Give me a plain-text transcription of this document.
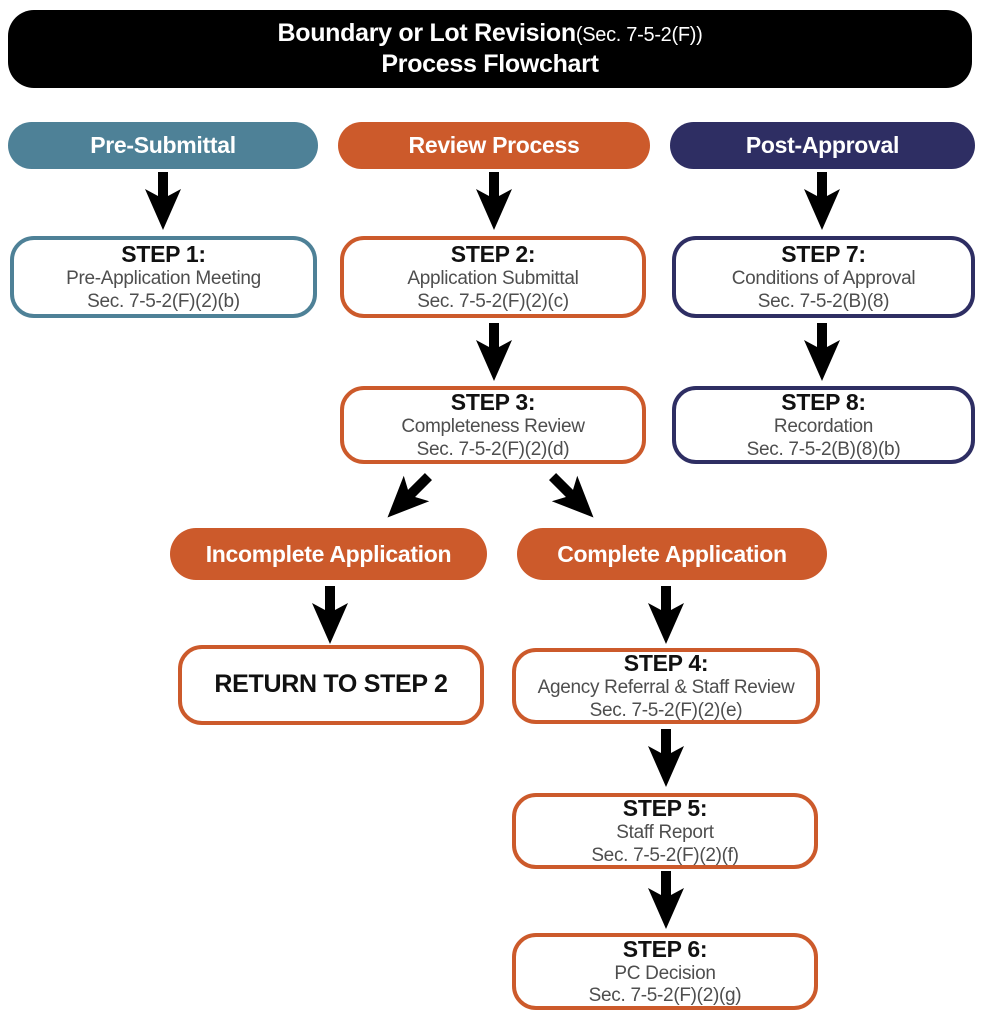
Boundary or Lot Revision(Sec. 7-5-2(F))
Process Flowchart
Pre-Submittal	Review Process	Post-Approval
STEP 1:
Pre-Application Meeting
Sec. 7-5-2(F)(2)(b)
STEP 2:
Application Submittal
Sec. 7-5-2(F)(2)(c)
STEP 7:
Conditions of Approval
Sec. 7-5-2(B)(8)
STEP 3:
Completeness Review
Sec. 7-5-2(F)(2)(d)
STEP 8:
Recordation
Sec. 7-5-2(B)(8)(b)
Incomplete Application	Complete Application
RETURN TO STEP 2
STEP 4:
Agency Referral & Staff Review
Sec. 7-5-2(F)(2)(e)
STEP 5:
Staff Report
Sec. 7-5-2(F)(2)(f)
STEP 6:
PC Decision
Sec. 7-5-2(F)(2)(g)
